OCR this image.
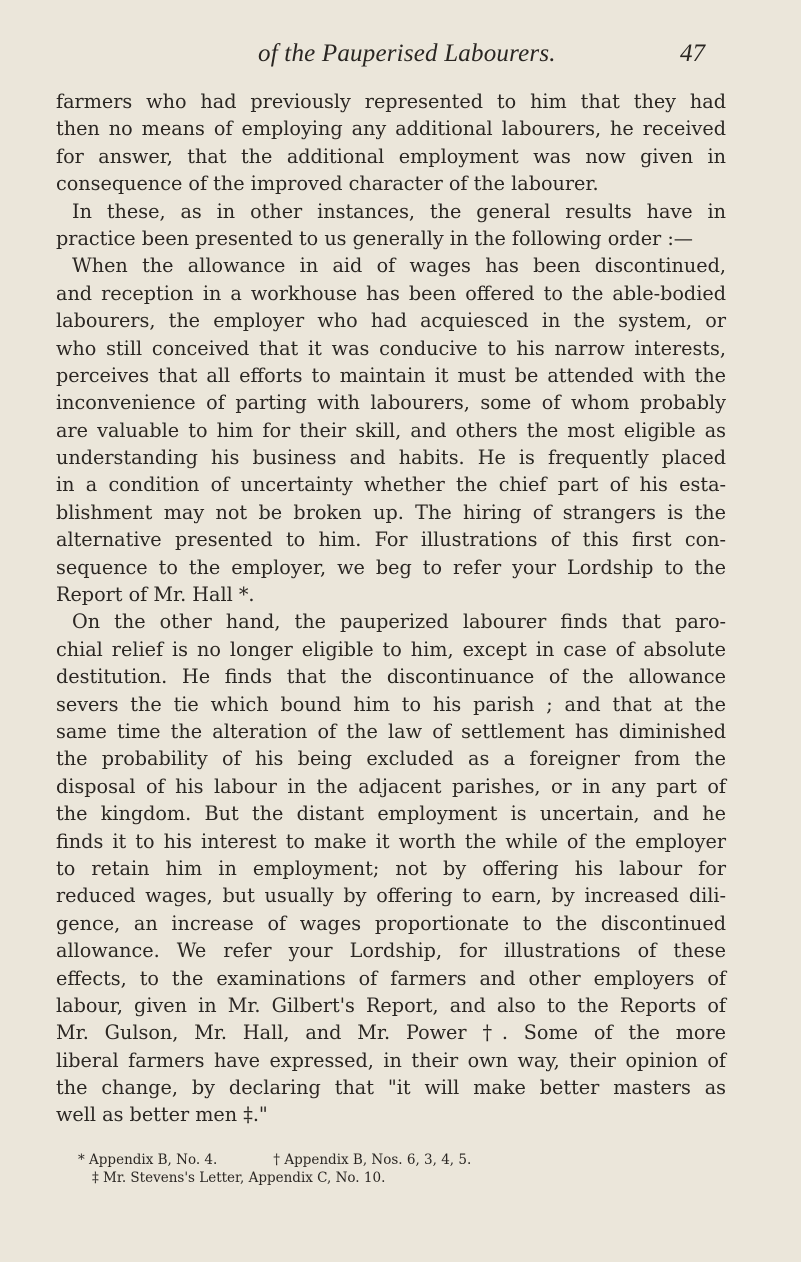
of the Pauperised Labourers.	47
farmers who had previously represented to him that they had
then no means of employing any additional labourers, he received
for answer, that the additional employment was now given in
consequence of the improved character of the labourer.
In these, as in other instances, the general results have in
practice been presented to us generally in the following order :—
When the allowance in aid of wages has been discontinued,
and reception in a workhouse has been offered to the able-bodied
labourers, the employer who had acquiesced in the system, or
who still conceived that it was conducive to his narrow interests,
perceives that all efforts to maintain it must be attended with the
inconvenience of parting with labourers, some of whom probably
are valuable to him for their skill, and others the most eligible as
understanding his business and habits. He is frequently placed
in a condition of uncertainty whether the chief part of his esta-
blishment may not be broken up. The hiring of strangers is the
alternative presented to him. For illustrations of this first con-
sequence to the employer, we beg to refer your Lordship to the
Report of Mr. Hall *.
On the other hand, the pauperized labourer finds that paro-
chial relief is no longer eligible to him, except in case of absolute
destitution. He finds that the discontinuance of the allowance
severs the tie which bound him to his parish ; and that at the
same time the alteration of the law of settlement has diminished
the probability of his being excluded as a foreigner from the
disposal of his labour in the adjacent parishes, or in any part of
the kingdom. But the distant employment is uncertain, and he
finds it to his interest to make it worth the while of the employer
to retain him in employment; not by offering his labour for
reduced wages, but usually by offering to earn, by increased dili-
gence, an increase of wages proportionate to the discontinued
allowance. We refer your Lordship, for illustrations of these
effects, to the examinations of farmers and other employers of
labour, given in Mr. Gilbert's Report, and also to the Reports of
Mr. Gulson, Mr. Hall, and Mr. Power †. Some of the more
liberal farmers have expressed, in their own way, their opinion of
the change, by declaring that "it will make better masters as
well as better men ‡."
* Appendix B, No. 4.	† Appendix B, Nos. 6, 3, 4, 5.
‡ Mr. Stevens's Letter, Appendix C, No. 10.
